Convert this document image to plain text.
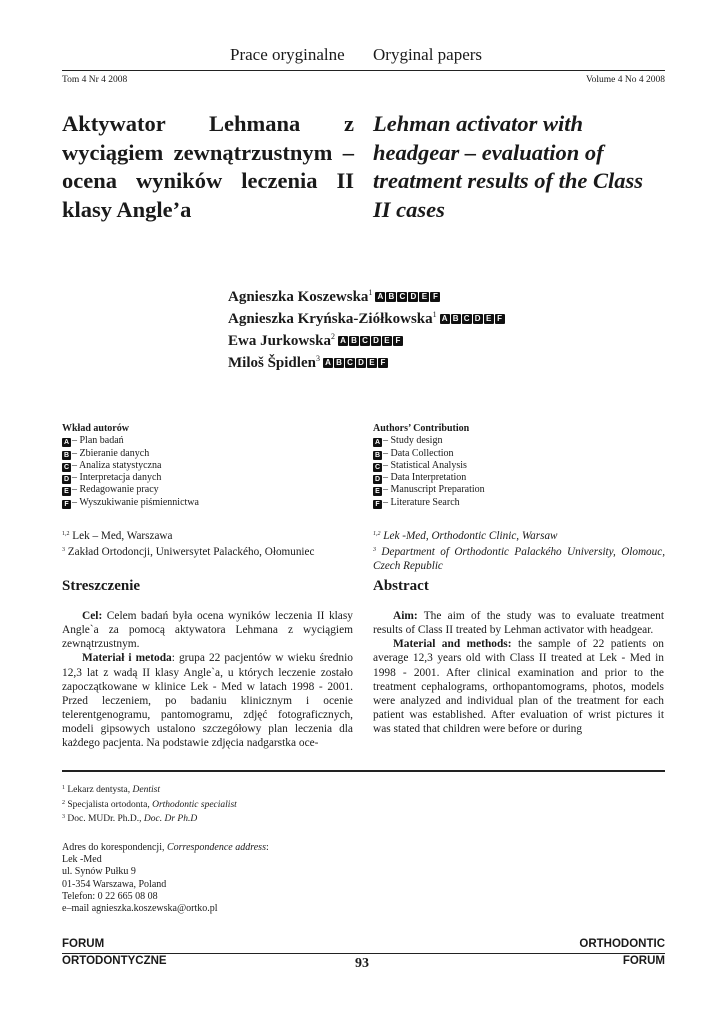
Prace oryginalne Oryginal papers
Tom 4 Nr 4 2008	Volume 4 No 4 2008
Aktywator Lehmana z wyciągiem zewnątrzustnym – ocena wyników leczenia II klasy Angle’a
Lehman activator with headgear – evaluation of treatment results of the Class II cases
Agnieszka Koszewska$^1$ A B C D E F
Agnieszka Kryńska-Ziółkowska$^1$ A B C D E F
Ewa Jurkowska$^2$ A B C D E F
Miloš Špidlen$^3$ A B C D E F
Wkład autorów
A – Plan badań
B – Zbieranie danych
C – Analiza statystyczna
D – Interpretacja danych
E – Redagowanie pracy
F – Wyszukiwanie piśmiennictwa
Authors’ Contribution
A – Study design
B – Data Collection
C – Statistical Analysis
D – Data Interpretation
E – Manuscript Preparation
F – Literature Search
$^{1,2}$ Lek – Med, Warszawa
$^3$ Zakład Ortodoncji, Uniwersytet Palackého, Ołomuniec
$^{1,2}$ Lek -Med, Orthodontic Clinic, Warsaw
$^3$ Department of Orthodontic Palackého University, Olomouc, Czech Republic
Streszczenie	Abstract

Cel: Celem badań była ocena wyników leczenia II klasy Angle`a za pomocą aktywatora Lehmana z wyciągiem zewnątrzustnym.

Materiał i metoda: grupa 22 pacjentów w wieku średnio 12,3 lat z wadą II klasy Angle`a, u których leczenie zostało zapoczątkowane w klinice Lek - Med w latach 1998 - 2001. Przed leczeniem, po badaniu klinicznym i ocenie telerentgenogramu, pantomogramu, zdjęć fotograficznych, modeli gipsowych ustalono szczegółowy plan leczenia dla każdego pacjenta. Na podstawie zdjęcia nadgarstka oce-

Aim: The aim of the study was to evaluate treatment results of Class II treated by Lehman activator with headgear.

Material and methods: the sample of 22 patients on average 12,3 years old with Class II treated at Lek - Med in 1998 - 2001. After clinical examination and prior to the treatment cephalograms, orthopantomograms, photos, models were analyzed and individual plan of the treatment for each patient was established. After evaluation of wrist pictures it was stated that children were before or during

$^1$ Lekarz dentysta, Dentist
$^2$ Specjalista ortodonta, Orthodontic specialist
$^3$ Doc. MUDr. Ph.D., Doc. Dr Ph.D
Adres do korespondencji, Correspondence address:
Lek -Med
ul. Synów Pułku 9
01-354 Warszawa, Poland
Telefon: 0 22 665 08 08
e–mail agnieszka.koszewska@ortko.pl
FORUM	ORTHODONTIC
ORTODONTYCZNE	FORUM
93
